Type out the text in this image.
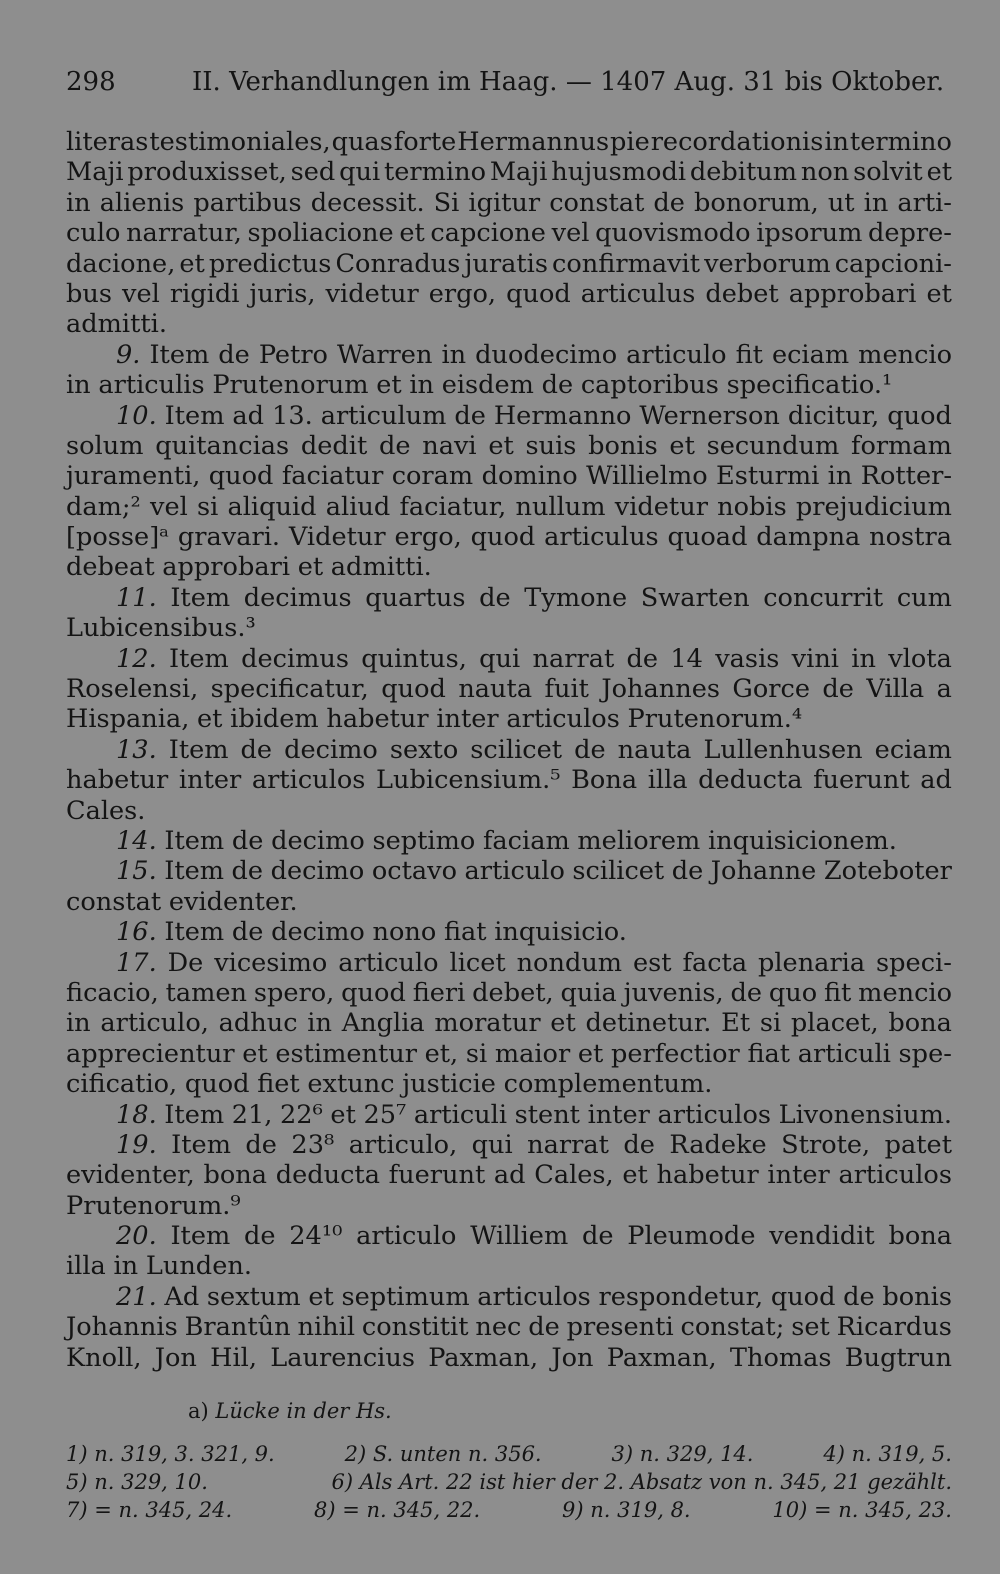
298	II. Verhandlungen im Haag. — 1407 Aug. 31 bis Oktober.
literas testimoniales, quas forte Hermannus pie recordationis in termino
Maji produxisset, sed qui termino Maji hujusmodi debitum non solvit et
in alienis partibus decessit. Si igitur constat de bonorum, ut in arti-
culo narratur, spoliacione et capcione vel quovismodo ipsorum depre-
dacione, et predictus Conradus juratis confirmavit verborum capcioni-
bus vel rigidi juris, videtur ergo, quod articulus debet approbari et
admitti.
9. Item de Petro Warren in duodecimo articulo fit eciam mencio
in articulis Prutenorum et in eisdem de captoribus specificatio.¹
10. Item ad 13. articulum de Hermanno Wernerson dicitur, quod
solum quitancias dedit de navi et suis bonis et secundum formam
juramenti, quod faciatur coram domino Willielmo Esturmi in Rotter-
dam;² vel si aliquid aliud faciatur, nullum videtur nobis prejudicium
[posse]ᵃ gravari. Videtur ergo, quod articulus quoad dampna nostra
debeat approbari et admitti.
11. Item decimus quartus de Tymone Swarten concurrit cum
Lubicensibus.³
12. Item decimus quintus, qui narrat de 14 vasis vini in vlota
Roselensi, specificatur, quod nauta fuit Johannes Gorce de Villa a
Hispania, et ibidem habetur inter articulos Prutenorum.⁴
13. Item de decimo sexto scilicet de nauta Lullenhusen eciam
habetur inter articulos Lubicensium.⁵ Bona illa deducta fuerunt ad
Cales.
14. Item de decimo septimo faciam meliorem inquisicionem.
15. Item de decimo octavo articulo scilicet de Johanne Zoteboter
constat evidenter.
16. Item de decimo nono fiat inquisicio.
17. De vicesimo articulo licet nondum est facta plenaria speci-
ficacio, tamen spero, quod fieri debet, quia juvenis, de quo fit mencio
in articulo, adhuc in Anglia moratur et detinetur. Et si placet, bona
apprecientur et estimentur et, si maior et perfectior fiat articuli spe-
cificatio, quod fiet extunc justicie complementum.
18. Item 21, 22⁶ et 25⁷ articuli stent inter articulos Livonensium.
19. Item de 23⁸ articulo, qui narrat de Radeke Strote, patet
evidenter, bona deducta fuerunt ad Cales, et habetur inter articulos
Prutenorum.⁹
20. Item de 24¹⁰ articulo Williem de Pleumode vendidit bona
illa in Lunden.
21. Ad sextum et septimum articulos respondetur, quod de bonis
Johannis Brantûn nihil constitit nec de presenti constat; set Ricardus
Knoll, Jon Hil, Laurencius Paxman, Jon Paxman, Thomas Bugtrun
a) Lücke in der Hs.
1) n. 319, 3. 321, 9.	2) S. unten n. 356.	3) n. 329, 14.	4) n. 319, 5.
5) n. 329, 10.	6) Als Art. 22 ist hier der 2. Absatz von n. 345, 21 gezählt.
7) = n. 345, 24.	8) = n. 345, 22.	9) n. 319, 8.	10) = n. 345, 23.
